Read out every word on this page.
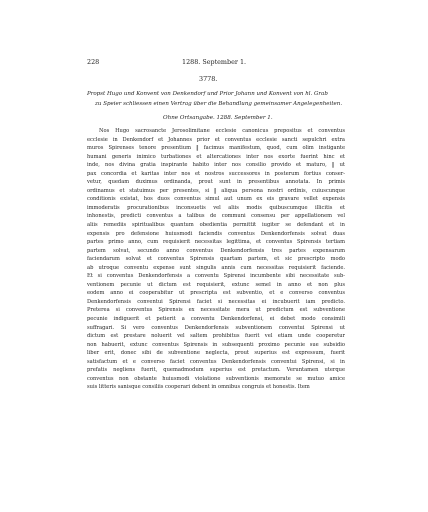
228	1288. September 1.
3778.
Propst Hugo und Konvent von Denkendorf und Prior Johann und Konvent von hl. Grab
zu Speier schliessen einen Vertrag über die Behandlung gemeinsamer Angelegenheiten.
Ohne Ortsangabe. 1288. September 1.
Nos Hugo sacrosancte Jerosolimitane ecclesie canonicus prepositus et conventus
ecclesie in Denkendorf et Johannes prior et conventus ecclesie sancti sepulchri extra
muros Spirenses tenore presentium ‖ facimus manifestum, quod, cum olim instigante
humani generis inimico turbationes et altercationes inter nos exorte fuerint hinc et
inde, nos divina gratia inspirante habito inter nos consilio provido et maturo, ‖ ut
pax concordia et karitas inter nos et nostros successores in posterum fortius conser-
vetur, quedam duximus ordinanda, prout sunt in presentibus annotata. In primis
ordinamus et statuimus per presentes, si ‖ aliqua persona nostri ordinis, cuiuscunque
conditionis existat, hos duos conventus simul aut unum ex eis gravare vellet expensis
immoderatis procurationibus inconsuetis vel aliis modis quibuscumque illicitis et
inhonestis, predicti conventus a talibus de communi consensu per appellationem vel
aliis remediis spiritualibus quantum obedientia permittit iugiter se defendant et in
expensis pro defensione huiusmodi faciendis conventus Denkendorfensis solvat duas
partes primo anno, cum requisierit necessitas legittima, et conventus Spirensis tertiam
partem solvat, secundo anno conventus Denkendorfensis tres partes expensarum
faciendarum solvat et conventus Spirensis quartam partem, et sic prescripto modo
ab utroque conventu expense sunt singulis annis cum necessitas requisierit faciende.
Et si conventus Denkendorfensis a conventu Spirensi incumbente sibi necessitate sub-
ventionem pecunie ut dictum est requisierit, extunc semel in anno et non plus
eodem anno ei cooperabitur ut prescripta est subventio, et e converso conventus
Denkendorfensis conventui Spirensi faciet si necessitas ei incubuerit iam predicto.
Preterea si conventus Spirensis ex necessitate mera ut predictum est subventione
pecunie indiguerit et petierit a conventu Denkendorfensi, ei debet modo consimili
suffragari. Si vero conventus Denkendorfensis subventionem conventui Spirensi ut
dictum est prestare noluerit vel saltem prohibitus fuerit vel etiam unde cooperetur
non habuerit, extunc conventus Spirensis in subsequenti proximo pecunie sue subsidio
liber erit, donec sibi de subventione neglecta, prout superius est expressum, fuerit
satisfactum et e converso faciet conventus Denkendorfensis conventui Spirensi, si in
prefatis negliens fuerit, quemadmodum superius est pretactum. Veruntamen uterque
conventus non obstante huiusmodi violatione subventionis memorate se mutuo amice
suis litteris sanisque consiliis cooperari debent in omnibus congruis et honestis. Item
